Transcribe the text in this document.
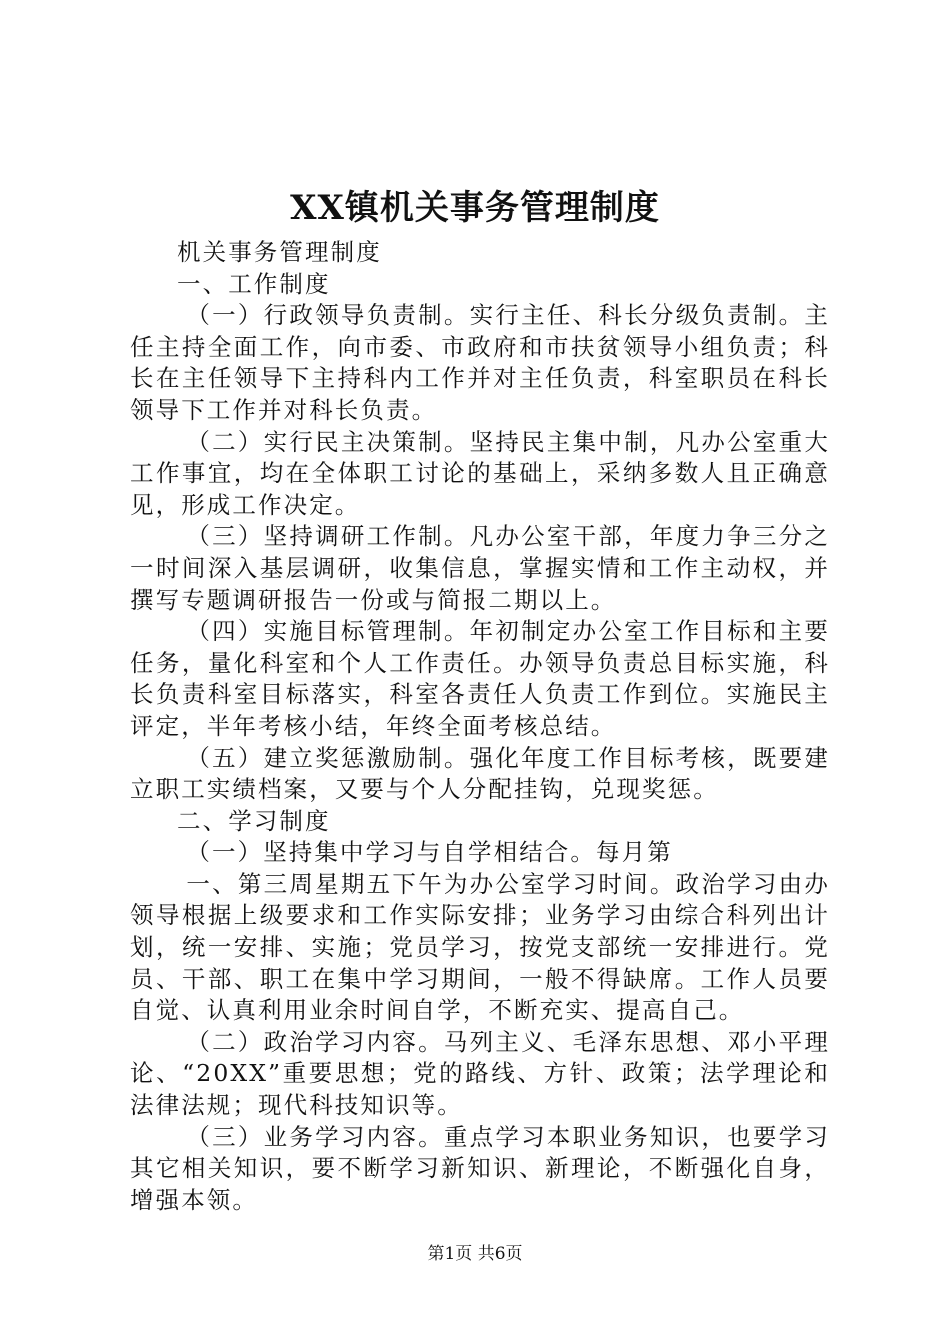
XX镇机关事务管理制度

机关事务管理制度

一、工作制度

（一）行政领导负责制。实行主任、科长分级负责制。主任主持全面工作，向市委、市政府和市扶贫领导小组负责；科长在主任领导下主持科内工作并对主任负责，科室职员在科长领导下工作并对科长负责。

（二）实行民主决策制。坚持民主集中制，凡办公室重大工作事宜，均在全体职工讨论的基础上，采纳多数人且正确意见，形成工作决定。

（三）坚持调研工作制。凡办公室干部，年度力争三分之一时间深入基层调研，收集信息，掌握实情和工作主动权，并撰写专题调研报告一份或与简报二期以上。

（四）实施目标管理制。年初制定办公室工作目标和主要任务，量化科室和个人工作责任。办领导负责总目标实施，科长负责科室目标落实，科室各责任人负责工作到位。实施民主评定，半年考核小结，年终全面考核总结。

（五）建立奖惩激励制。强化年度工作目标考核，既要建立职工实绩档案，又要与个人分配挂钩，兑现奖惩。

二、学习制度

（一）坚持集中学习与自学相结合。每月第

一、第三周星期五下午为办公室学习时间。政治学习由办领导根据上级要求和工作实际安排；业务学习由综合科列出计划，统一安排、实施；党员学习，按党支部统一安排进行。党员、干部、职工在集中学习期间，一般不得缺席。工作人员要自觉、认真利用业余时间自学，不断充实、提高自己。

（二）政治学习内容。马列主义、毛泽东思想、邓小平理论、“20XX”重要思想；党的路线、方针、政策；法学理论和法律法规；现代科技知识等。

（三）业务学习内容。重点学习本职业务知识，也要学习其它相关知识，要不断学习新知识、新理论，不断强化自身，增强本领。

第1页 共6页
